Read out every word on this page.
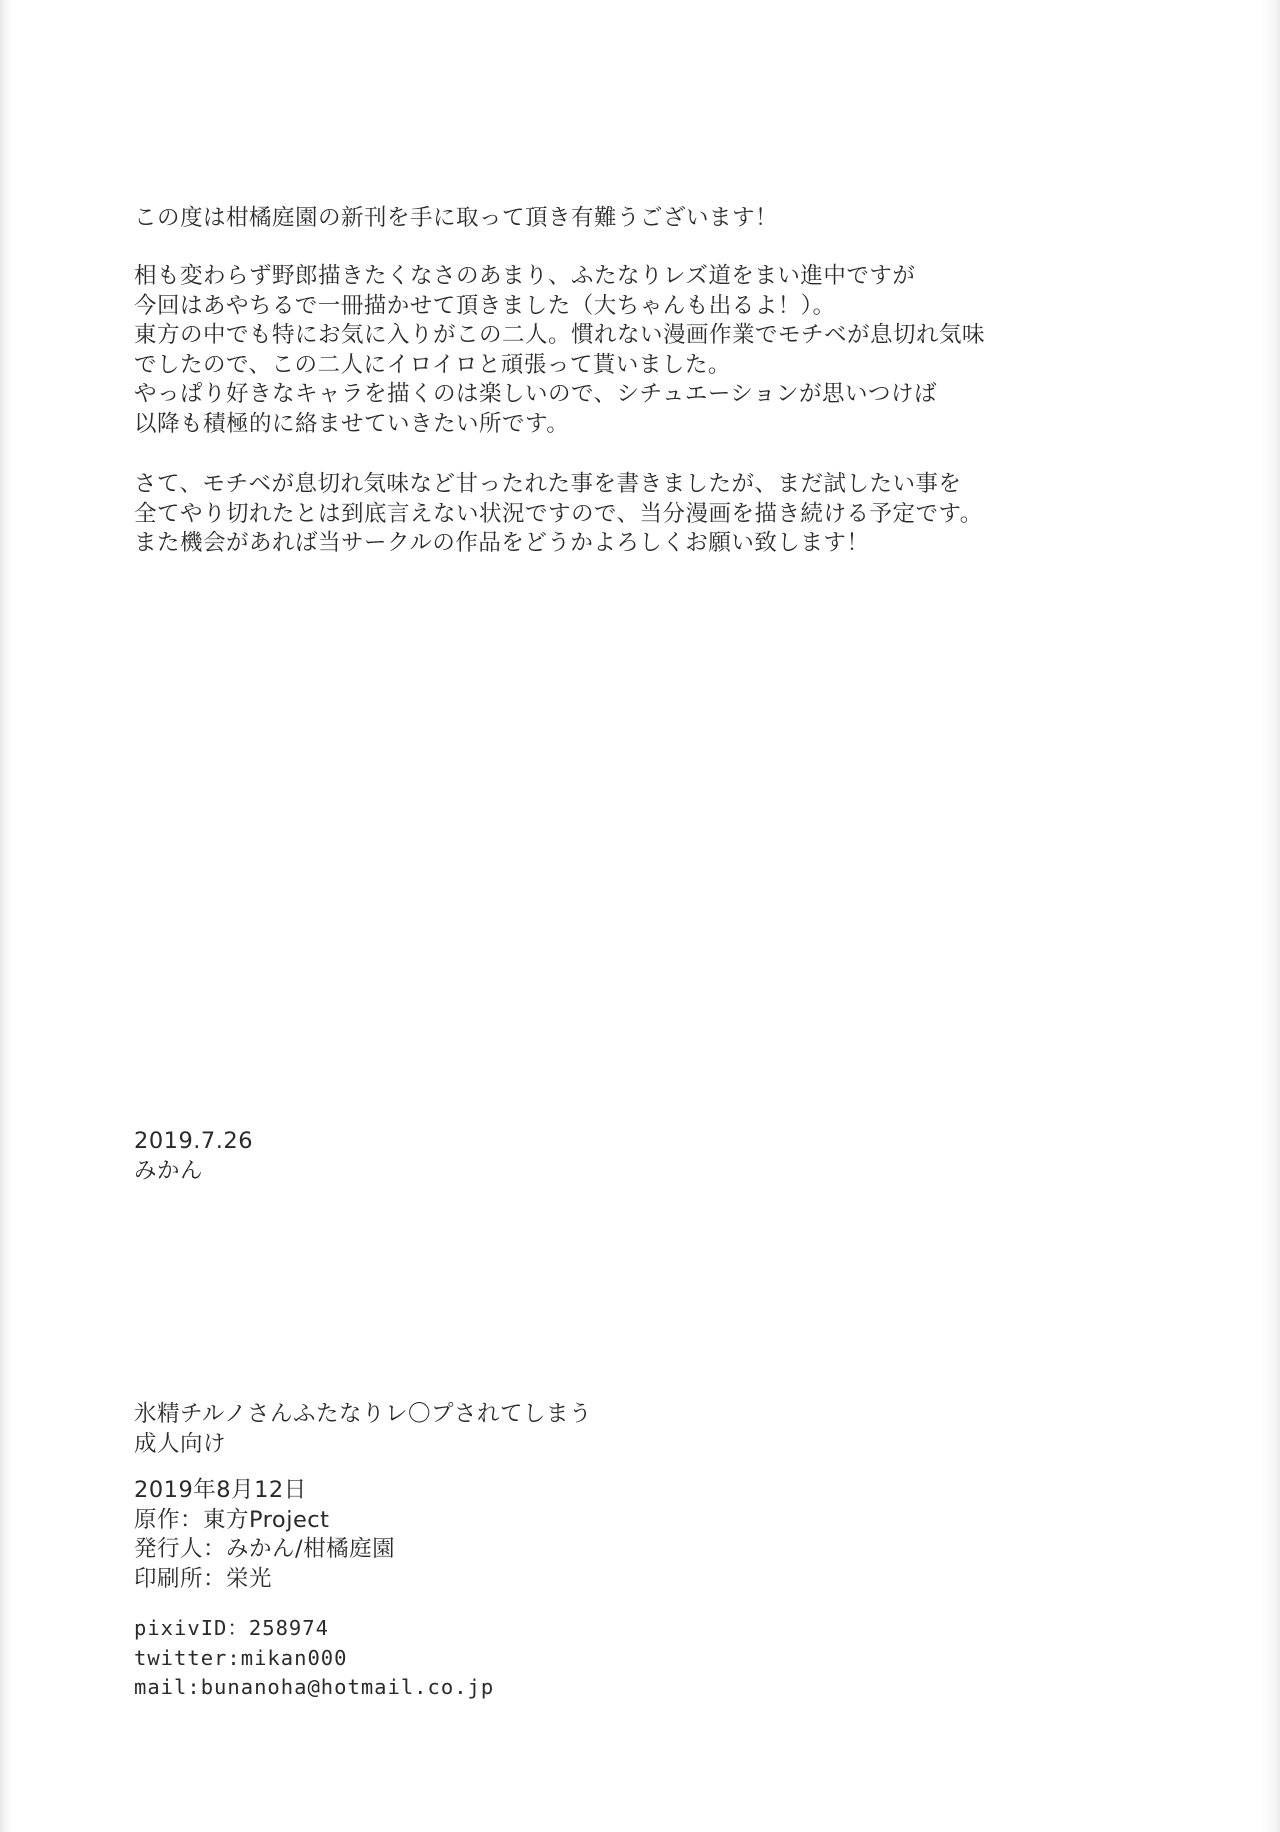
この度は柑橘庭園の新刊を手に取って頂き有難うございます！
相も変わらず野郎描きたくなさのあまり、ふたなりレズ道をまい進中ですが
今回はあやちるで一冊描かせて頂きました（大ちゃんも出るよ！）。
東方の中でも特にお気に入りがこの二人。慣れない漫画作業でモチベが息切れ気味
でしたので、この二人にイロイロと頑張って貰いました。
やっぱり好きなキャラを描くのは楽しいので、シチュエーションが思いつけば
以降も積極的に絡ませていきたい所です。
さて、モチベが息切れ気味など甘ったれた事を書きましたが、まだ試したい事を
全てやり切れたとは到底言えない状況ですので、当分漫画を描き続ける予定です。
また機会があれば当サークルの作品をどうかよろしくお願い致します！
2019.7.26
みかん
氷精チルノさんふたなりレ〇プされてしまう
成人向け
2019年8月12日
原作：東方Project
発行人：みかん/柑橘庭園
印刷所：栄光
pixivID：258974
twitter:mikan000
mail:bunanoha@hotmail.co.jp
